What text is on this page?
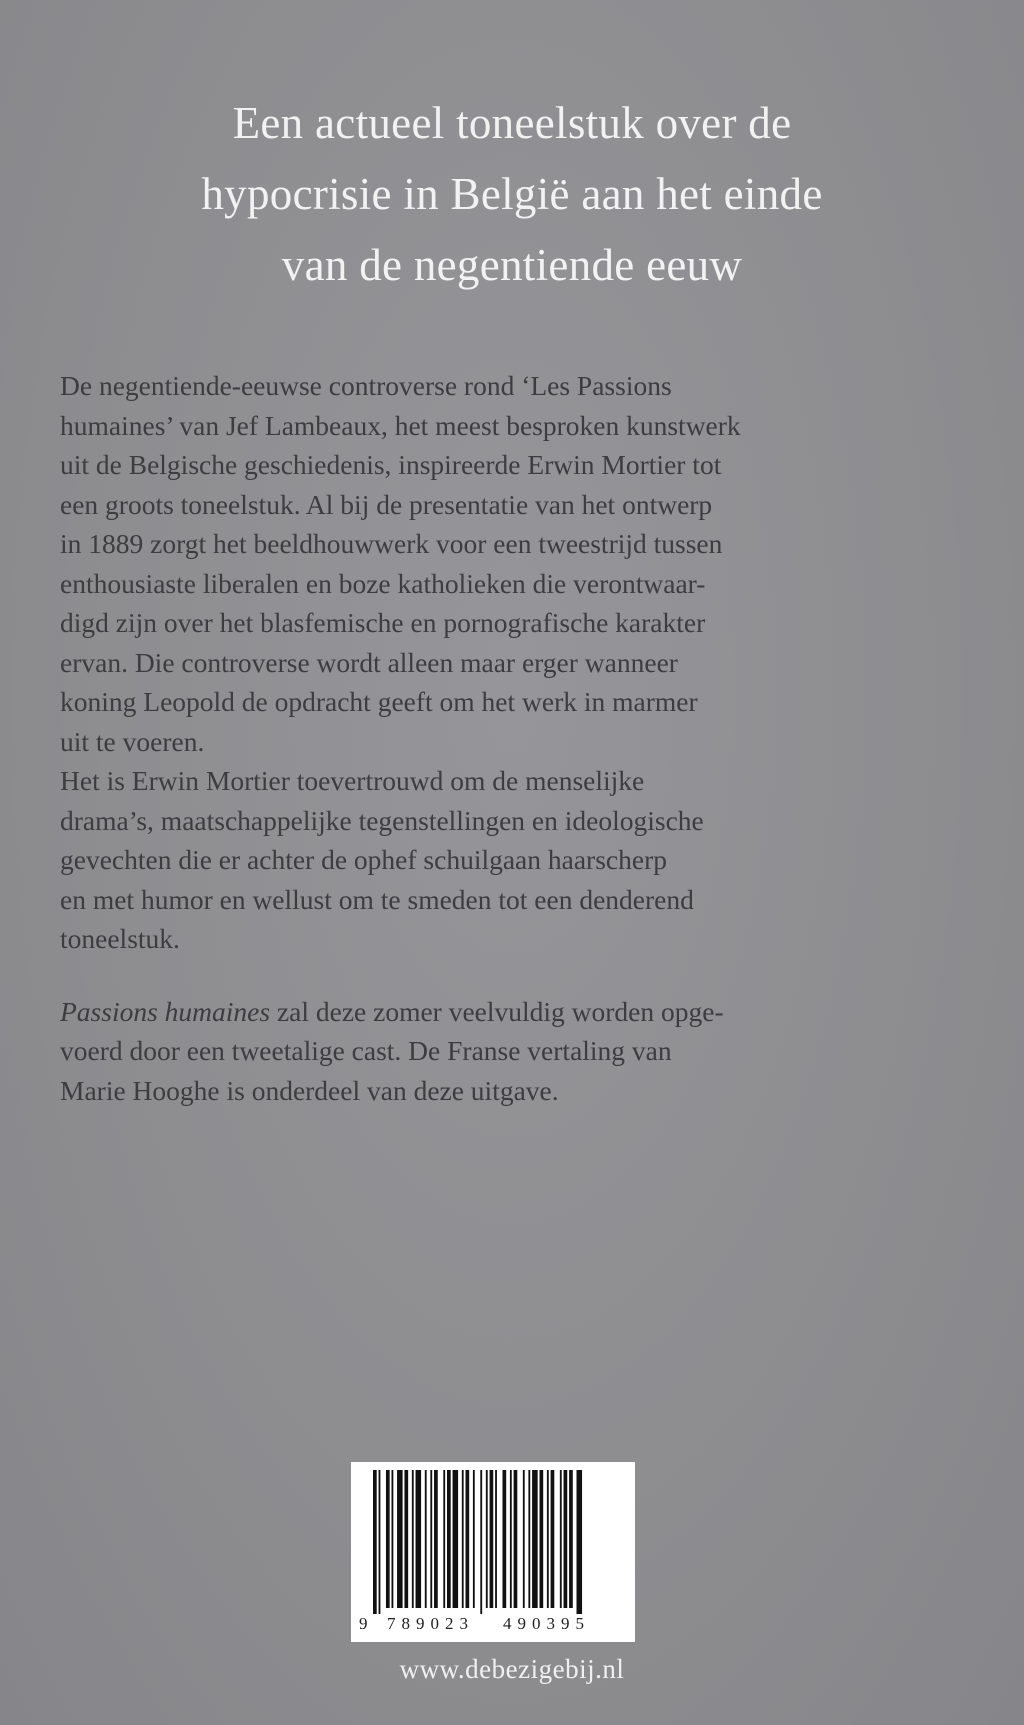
Een actueel toneelstuk over de
hypocrisie in België aan het einde
van de negentiende eeuw
De negentiende-eeuwse controverse rond ‘Les Passions
humaines’ van Jef Lambeaux, het meest besproken kunstwerk
uit de Belgische geschiedenis, inspireerde Erwin Mortier tot
een groots toneelstuk. Al bij de presentatie van het ontwerp
in 1889 zorgt het beeldhouwwerk voor een tweestrijd tussen
enthousiaste liberalen en boze katholieken die verontwaar-
digd zijn over het blasfemische en pornografische karakter
ervan. Die controverse wordt alleen maar erger wanneer
koning Leopold de opdracht geeft om het werk in marmer
uit te voeren.
Het is Erwin Mortier toevertrouwd om de menselijke
drama’s, maatschappelijke tegenstellingen en ideologische
gevechten die er achter de ophef schuilgaan haarscherp
en met humor en wellust om te smeden tot een denderend
toneelstuk.
Passions humaines zal deze zomer veelvuldig worden opge-
voerd door een tweetalige cast. De Franse vertaling van
Marie Hooghe is onderdeel van deze uitgave.
9 789023 490395
www.debezigebij.nl
